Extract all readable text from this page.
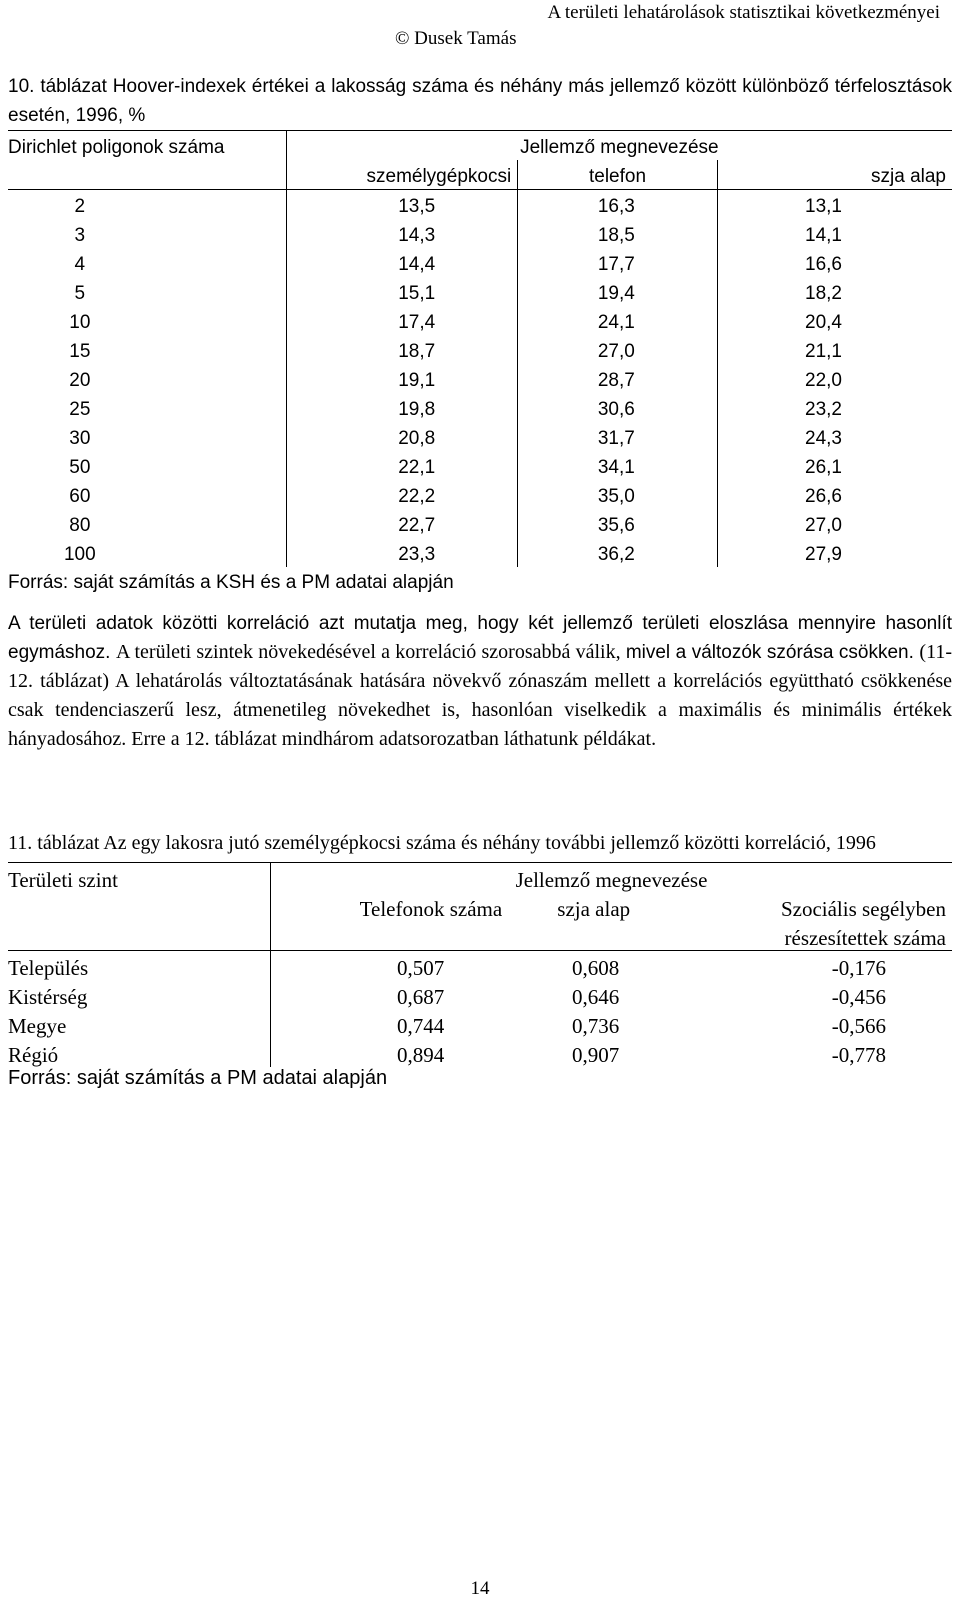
A területi lehatárolások statisztikai következményei
© Dusek Tamás
10. táblázat Hoover-indexek értékei a lakosság száma és néhány más jellemző között különböző térfelosztások esetén, 1996, %
Dirichlet poligonok száma	Jellemző megnevezése		
	személygépkocsi	telefon	szja alap
2	13,5	16,3	13,1
3	14,3	18,5	14,1
4	14,4	17,7	16,6
5	15,1	19,4	18,2
10	17,4	24,1	20,4
15	18,7	27,0	21,1
20	19,1	28,7	22,0
25	19,8	30,6	23,2
30	20,8	31,7	24,3
50	22,1	34,1	26,1
60	22,2	35,0	26,6
80	22,7	35,6	27,0
100	23,3	36,2	27,9
Forrás: saját számítás a KSH és a PM adatai alapján
A területi adatok közötti korreláció azt mutatja meg, hogy két jellemző területi eloszlása mennyire hasonlít egymáshoz. A területi szintek növekedésével a korreláció szorosabbá válik, mivel a változók szórása csökken. (11-12. táblázat) A lehatárolás változtatásának hatására növekvő zónaszám mellett a korrelációs együttható csökkenése csak tendenciaszerű lesz, átmenetileg növekedhet is, hasonlóan viselkedik a maximális és minimális értékek hányadosához. Erre a 12. táblázat mindhárom adatsorozatban láthatunk példákat.
11. táblázat Az egy lakosra jutó személygépkocsi száma és néhány további jellemző közötti korreláció, 1996
Területi szint	Jellemző megnevezése		
	Telefonok száma	szja alap	Szociális segélyben
			részesítettek száma
Település	0,507	0,608	-0,176
Kistérség	0,687	0,646	-0,456
Megye	0,744	0,736	-0,566
Régió	0,894	0,907	-0,778
Forrás: saját számítás a PM adatai alapján
14
